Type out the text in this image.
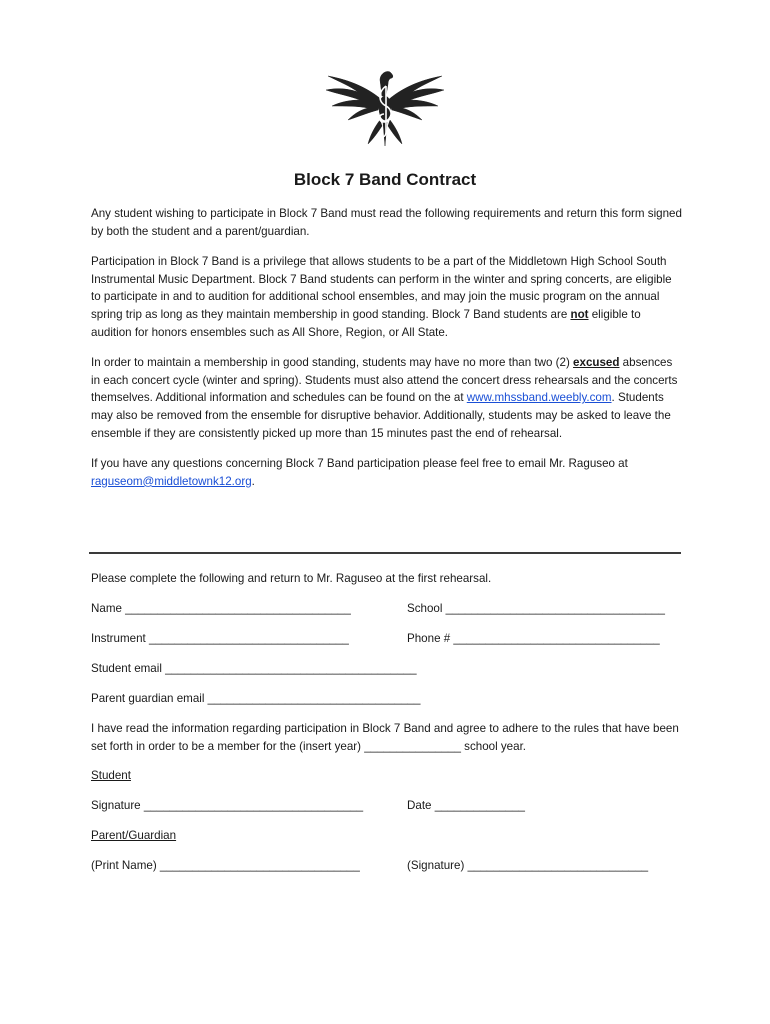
Block 7 Band Contract

Any student wishing to participate in Block 7 Band must read the following requirements and return this form signed by both the student and a parent/guardian.

Participation in Block 7 Band is a privilege that allows students to be a part of the Middletown High School South Instrumental Music Department. Block 7 Band students can perform in the winter and spring concerts, are eligible to participate in and to audition for additional school ensembles, and may join the music program on the annual spring trip as long as they maintain membership in good standing. Block 7 Band students are not eligible to audition for honors ensembles such as All Shore, Region, or All State.

In order to maintain a membership in good standing, students may have no more than two (2) excused absences in each concert cycle (winter and spring). Students must also attend the concert dress rehearsals and the concerts themselves. Additional information and schedules can be found on the at www.mhssband.weebly.com. Students may also be removed from the ensemble for disruptive behavior. Additionally, students may be asked to leave the ensemble if they are consistently picked up more than 15 minutes past the end of rehearsal.

If you have any questions concerning Block 7 Band participation please feel free to email Mr. Raguseo at raguseom@middletownk12.org.

Please complete the following and return to Mr. Raguseo at the first rehearsal.
Name ___________________________________	School __________________________________
Instrument _______________________________	Phone # ________________________________
Student email _______________________________________
Parent guardian email _________________________________

I have read the information regarding participation in Block 7 Band and agree to adhere to the rules that have been set forth in order to be a member for the (insert year) _______________ school year.

Student
Signature __________________________________	Date ______________
Parent/Guardian
(Print Name) _______________________________	(Signature) ____________________________
